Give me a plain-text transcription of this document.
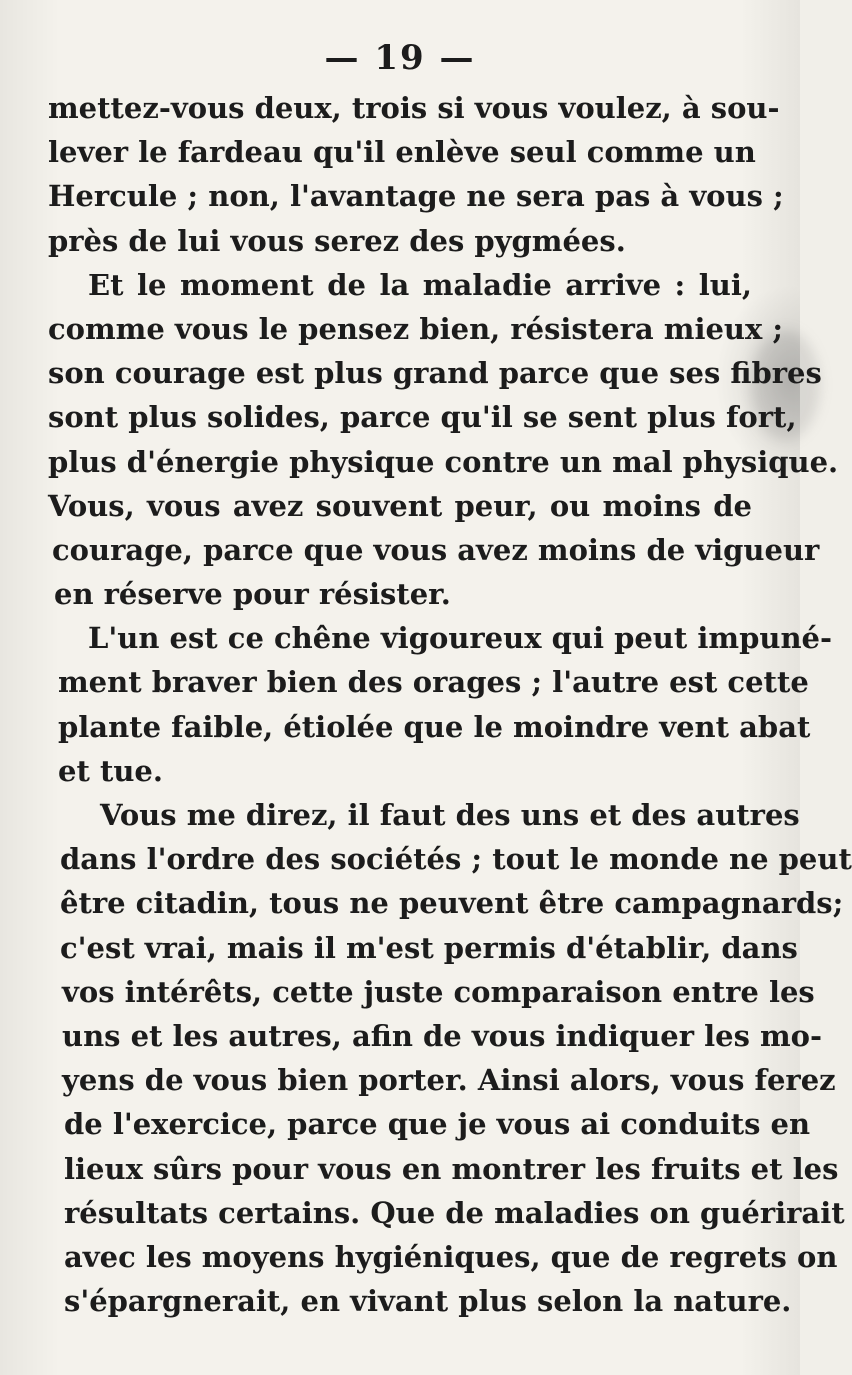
— 19 —
mettez-vous deux, trois si vous voulez, à sou-
lever le fardeau qu'il enlève seul comme un
Hercule ; non, l'avantage ne sera pas à vous ;
près de lui vous serez des pygmées.
Et le moment de la maladie arrive : lui,
comme vous le pensez bien, résistera mieux ;
son courage est plus grand parce que ses fibres
sont plus solides, parce qu'il se sent plus fort,
plus d'énergie physique contre un mal physique.
Vous, vous avez souvent peur, ou moins de
courage, parce que vous avez moins de vigueur
en réserve pour résister.
L'un est ce chêne vigoureux qui peut impuné-
ment braver bien des orages ; l'autre est cette
plante faible, étiolée que le moindre vent abat
et tue.
Vous me direz, il faut des uns et des autres
dans l'ordre des sociétés ; tout le monde ne peut
être citadin, tous ne peuvent être campagnards;
c'est vrai, mais il m'est permis d'établir, dans
vos intérêts, cette juste comparaison entre les
uns et les autres, afin de vous indiquer les mo-
yens de vous bien porter. Ainsi alors, vous ferez
de l'exercice, parce que je vous ai conduits en
lieux sûrs pour vous en montrer les fruits et les
résultats certains. Que de maladies on guérirait
avec les moyens hygiéniques, que de regrets on
s'épargnerait, en vivant plus selon la nature.
